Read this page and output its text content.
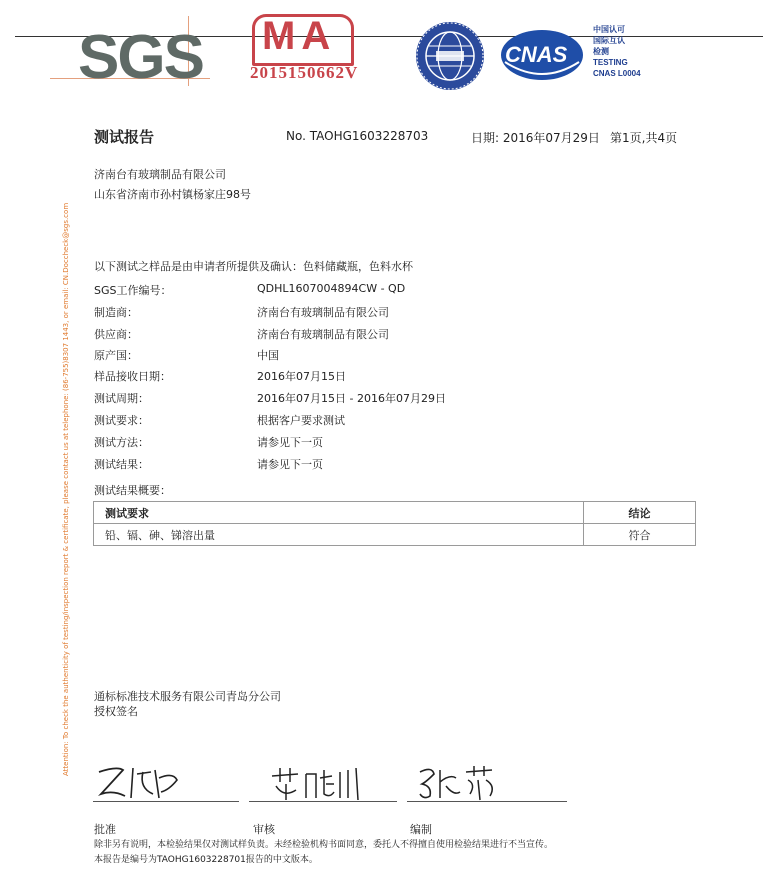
SGS MA
2015150662V
CNAS
中国认可
国际互认
检测
TESTING
CNAS L0004
Attention: To check the authenticity of testing/inspection report & certificate, please contact us at telephone: (86-755)8307 1443, or email: CN.Doccheck@sgs.com
测试报告	No. TAOHG1603228703	日期: 2016年07月29日 第1页,共4页
济南台有玻璃制品有限公司
山东省济南市孙村镇杨家庄98号
以下测试之样品是由申请者所提供及确认：色料储藏瓶，色料水杯
SGS工作编号：	QDHL1607004894CW - QD
制造商：	济南台有玻璃制品有限公司
供应商：	济南台有玻璃制品有限公司
原产国：	中国
样品接收日期：	2016年07月15日
测试周期：	2016年07月15日 - 2016年07月29日
测试要求：	根据客户要求测试
测试方法：	请参见下一页
测试结果：	请参见下一页
测试结果概要：
测试要求	结论
铅、镉、砷、锑溶出量	符合
通标标准技术服务有限公司青岛分公司
授权签名
批准	审核	编制
除非另有说明，本检验结果仅对测试样负责。未经检验机构书面同意，委托人不得擅自使用检验结果进行不当宣传。
本报告是编号为TAOHG1603228701报告的中文版本。
